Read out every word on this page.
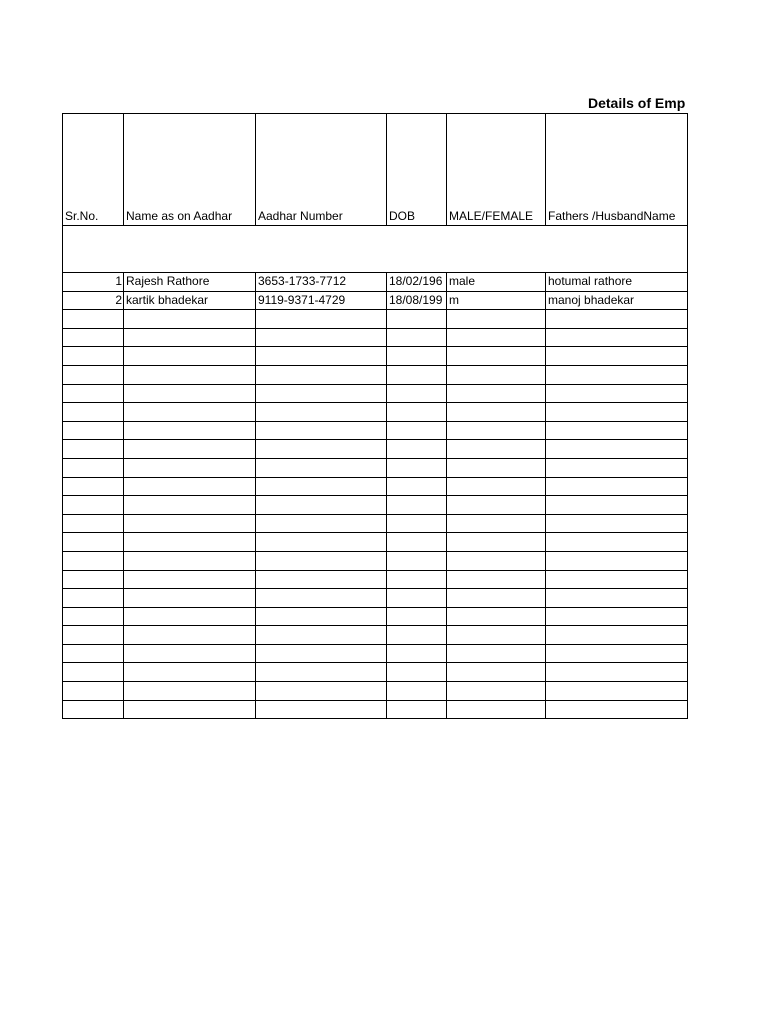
Details of Emp
Sr.No.	Name as on Aadhar	Aadhar Number	DOB	MALE/FEMALE	Fathers /HusbandName

1	Rajesh Rathore	3653-1733-7712	18/02/196	male	hotumal rathore
2	kartik bhadekar	9119-9371-4729	18/08/199	m	manoj bhadekar
